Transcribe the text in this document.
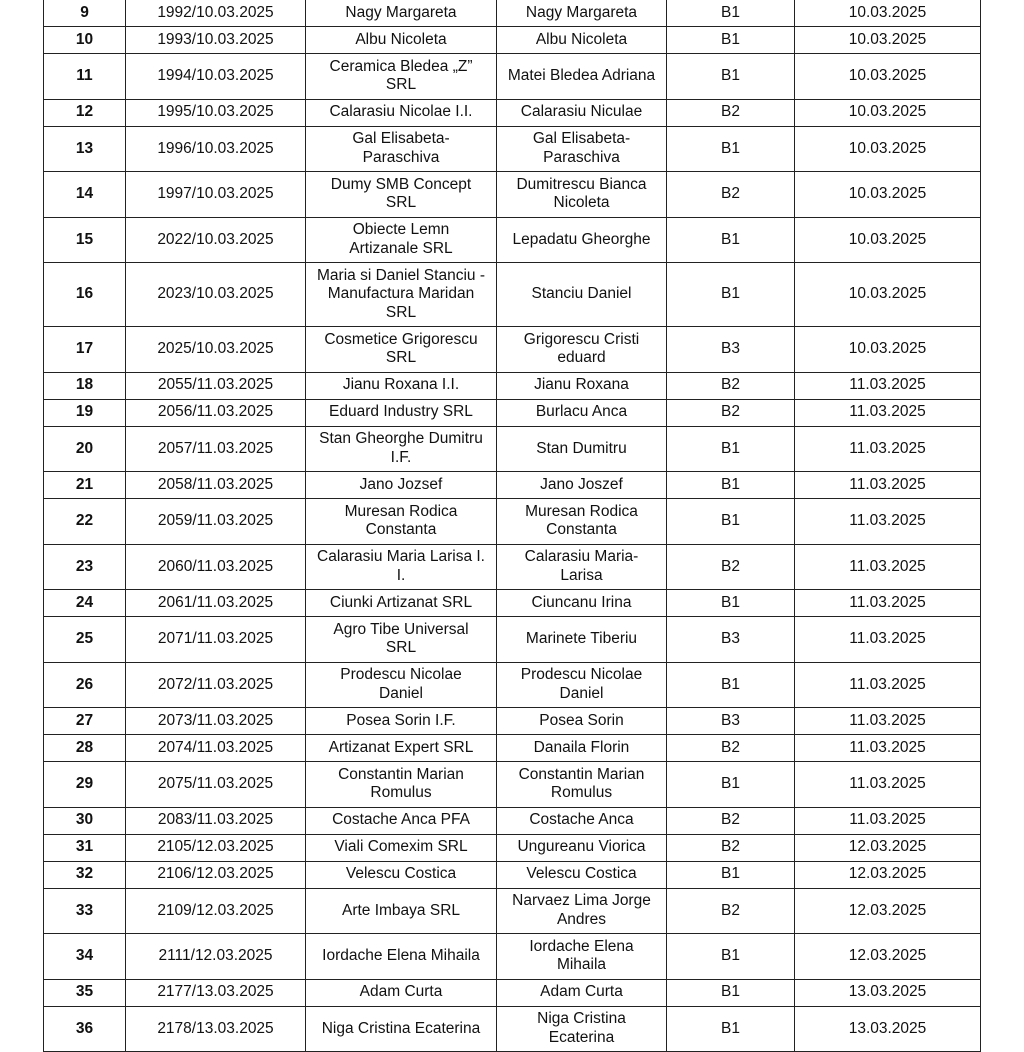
9	1992/10.03.2025	Nagy Margareta	Nagy Margareta	B1	10.03.2025
10	1993/10.03.2025	Albu Nicoleta	Albu Nicoleta	B1	10.03.2025
11	1994/10.03.2025	Ceramica Bledea „Z”
SRL	Matei Bledea Adriana	B1	10.03.2025
12	1995/10.03.2025	Calarasiu Nicolae I.I.	Calarasiu Niculae	B2	10.03.2025
13	1996/10.03.2025	Gal Elisabeta-
Paraschiva	Gal Elisabeta-
Paraschiva	B1	10.03.2025
14	1997/10.03.2025	Dumy SMB Concept
SRL	Dumitrescu Bianca
Nicoleta	B2	10.03.2025
15	2022/10.03.2025	Obiecte Lemn
Artizanale SRL	Lepadatu Gheorghe	B1	10.03.2025
16	2023/10.03.2025	Maria si Daniel Stanciu -
Manufactura Maridan
SRL	Stanciu Daniel	B1	10.03.2025
17	2025/10.03.2025	Cosmetice Grigorescu
SRL	Grigorescu Cristi
eduard	B3	10.03.2025
18	2055/11.03.2025	Jianu Roxana I.I.	Jianu Roxana	B2	11.03.2025
19	2056/11.03.2025	Eduard Industry SRL	Burlacu Anca	B2	11.03.2025
20	2057/11.03.2025	Stan Gheorghe Dumitru
I.F.	Stan Dumitru	B1	11.03.2025
21	2058/11.03.2025	Jano Jozsef	Jano Joszef	B1	11.03.2025
22	2059/11.03.2025	Muresan Rodica
Constanta	Muresan Rodica
Constanta	B1	11.03.2025
23	2060/11.03.2025	Calarasiu Maria Larisa I.
I.	Calarasiu Maria-
Larisa	B2	11.03.2025
24	2061/11.03.2025	Ciunki Artizanat SRL	Ciuncanu Irina	B1	11.03.2025
25	2071/11.03.2025	Agro Tibe Universal
SRL	Marinete Tiberiu	B3	11.03.2025
26	2072/11.03.2025	Prodescu Nicolae
Daniel	Prodescu Nicolae
Daniel	B1	11.03.2025
27	2073/11.03.2025	Posea Sorin I.F.	Posea Sorin	B3	11.03.2025
28	2074/11.03.2025	Artizanat Expert SRL	Danaila Florin	B2	11.03.2025
29	2075/11.03.2025	Constantin Marian
Romulus	Constantin Marian
Romulus	B1	11.03.2025
30	2083/11.03.2025	Costache Anca PFA	Costache Anca	B2	11.03.2025
31	2105/12.03.2025	Viali Comexim SRL	Ungureanu Viorica	B2	12.03.2025
32	2106/12.03.2025	Velescu Costica	Velescu Costica	B1	12.03.2025
33	2109/12.03.2025	Arte Imbaya SRL	Narvaez Lima Jorge
Andres	B2	12.03.2025
34	2111/12.03.2025	Iordache Elena Mihaila	Iordache Elena
Mihaila	B1	12.03.2025
35	2177/13.03.2025	Adam Curta	Adam Curta	B1	13.03.2025
36	2178/13.03.2025	Niga Cristina Ecaterina	Niga Cristina
Ecaterina	B1	13.03.2025
